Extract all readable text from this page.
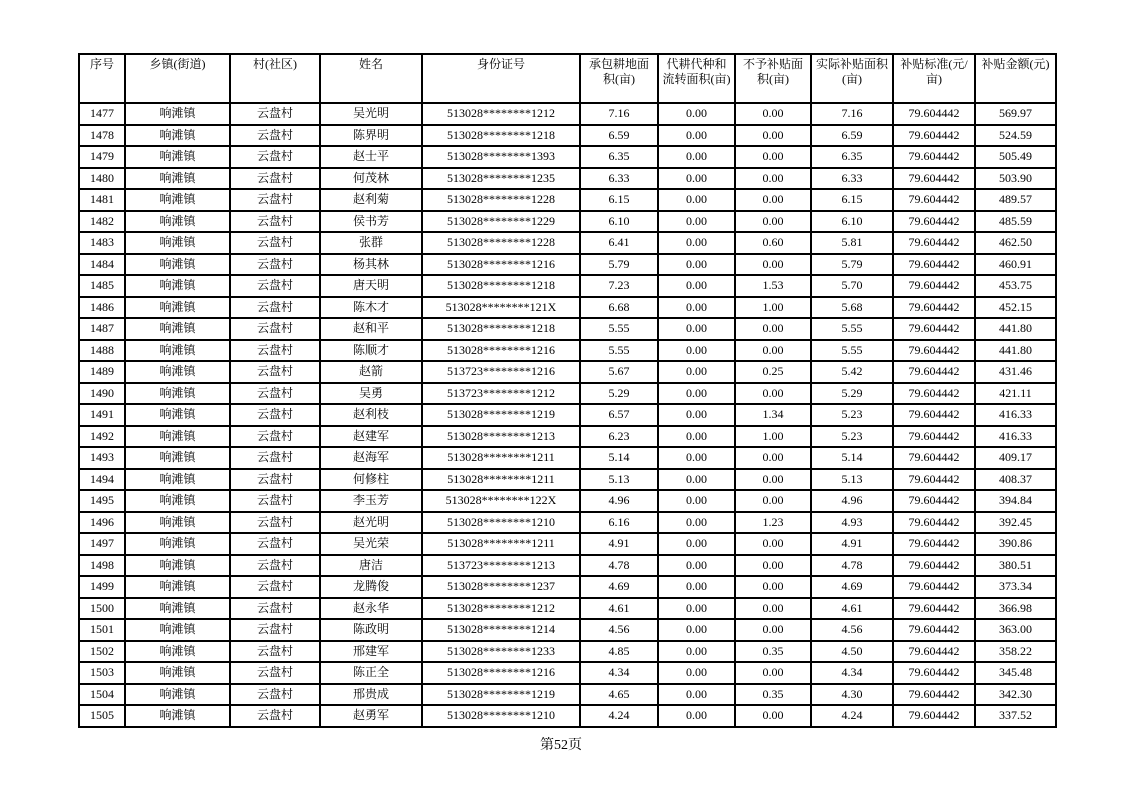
序号	乡镇(街道)	村(社区)	姓名	身份证号	承包耕地面积(亩)	代耕代种和流转面积(亩)	不予补贴面积(亩)	实际补贴面积(亩)	补贴标准(元/亩)	补贴金额(元)
1477	响滩镇	云盘村	吴光明	513028********1212	7.16	0.00	0.00	7.16	79.604442	569.97
1478	响滩镇	云盘村	陈界明	513028********1218	6.59	0.00	0.00	6.59	79.604442	524.59
1479	响滩镇	云盘村	赵士平	513028********1393	6.35	0.00	0.00	6.35	79.604442	505.49
1480	响滩镇	云盘村	何茂林	513028********1235	6.33	0.00	0.00	6.33	79.604442	503.90
1481	响滩镇	云盘村	赵利菊	513028********1228	6.15	0.00	0.00	6.15	79.604442	489.57
1482	响滩镇	云盘村	侯书芳	513028********1229	6.10	0.00	0.00	6.10	79.604442	485.59
1483	响滩镇	云盘村	张群	513028********1228	6.41	0.00	0.60	5.81	79.604442	462.50
1484	响滩镇	云盘村	杨其林	513028********1216	5.79	0.00	0.00	5.79	79.604442	460.91
1485	响滩镇	云盘村	唐天明	513028********1218	7.23	0.00	1.53	5.70	79.604442	453.75
1486	响滩镇	云盘村	陈木才	513028********121X	6.68	0.00	1.00	5.68	79.604442	452.15
1487	响滩镇	云盘村	赵和平	513028********1218	5.55	0.00	0.00	5.55	79.604442	441.80
1488	响滩镇	云盘村	陈顺才	513028********1216	5.55	0.00	0.00	5.55	79.604442	441.80
1489	响滩镇	云盘村	赵箭	513723********1216	5.67	0.00	0.25	5.42	79.604442	431.46
1490	响滩镇	云盘村	吴勇	513723********1212	5.29	0.00	0.00	5.29	79.604442	421.11
1491	响滩镇	云盘村	赵利枝	513028********1219	6.57	0.00	1.34	5.23	79.604442	416.33
1492	响滩镇	云盘村	赵建军	513028********1213	6.23	0.00	1.00	5.23	79.604442	416.33
1493	响滩镇	云盘村	赵海军	513028********1211	5.14	0.00	0.00	5.14	79.604442	409.17
1494	响滩镇	云盘村	何修柱	513028********1211	5.13	0.00	0.00	5.13	79.604442	408.37
1495	响滩镇	云盘村	李玉芳	513028********122X	4.96	0.00	0.00	4.96	79.604442	394.84
1496	响滩镇	云盘村	赵光明	513028********1210	6.16	0.00	1.23	4.93	79.604442	392.45
1497	响滩镇	云盘村	吴光荣	513028********1211	4.91	0.00	0.00	4.91	79.604442	390.86
1498	响滩镇	云盘村	唐洁	513723********1213	4.78	0.00	0.00	4.78	79.604442	380.51
1499	响滩镇	云盘村	龙腾俊	513028********1237	4.69	0.00	0.00	4.69	79.604442	373.34
1500	响滩镇	云盘村	赵永华	513028********1212	4.61	0.00	0.00	4.61	79.604442	366.98
1501	响滩镇	云盘村	陈政明	513028********1214	4.56	0.00	0.00	4.56	79.604442	363.00
1502	响滩镇	云盘村	邢建军	513028********1233	4.85	0.00	0.35	4.50	79.604442	358.22
1503	响滩镇	云盘村	陈正全	513028********1216	4.34	0.00	0.00	4.34	79.604442	345.48
1504	响滩镇	云盘村	邢贵成	513028********1219	4.65	0.00	0.35	4.30	79.604442	342.30
1505	响滩镇	云盘村	赵勇军	513028********1210	4.24	0.00	0.00	4.24	79.604442	337.52
第52页
